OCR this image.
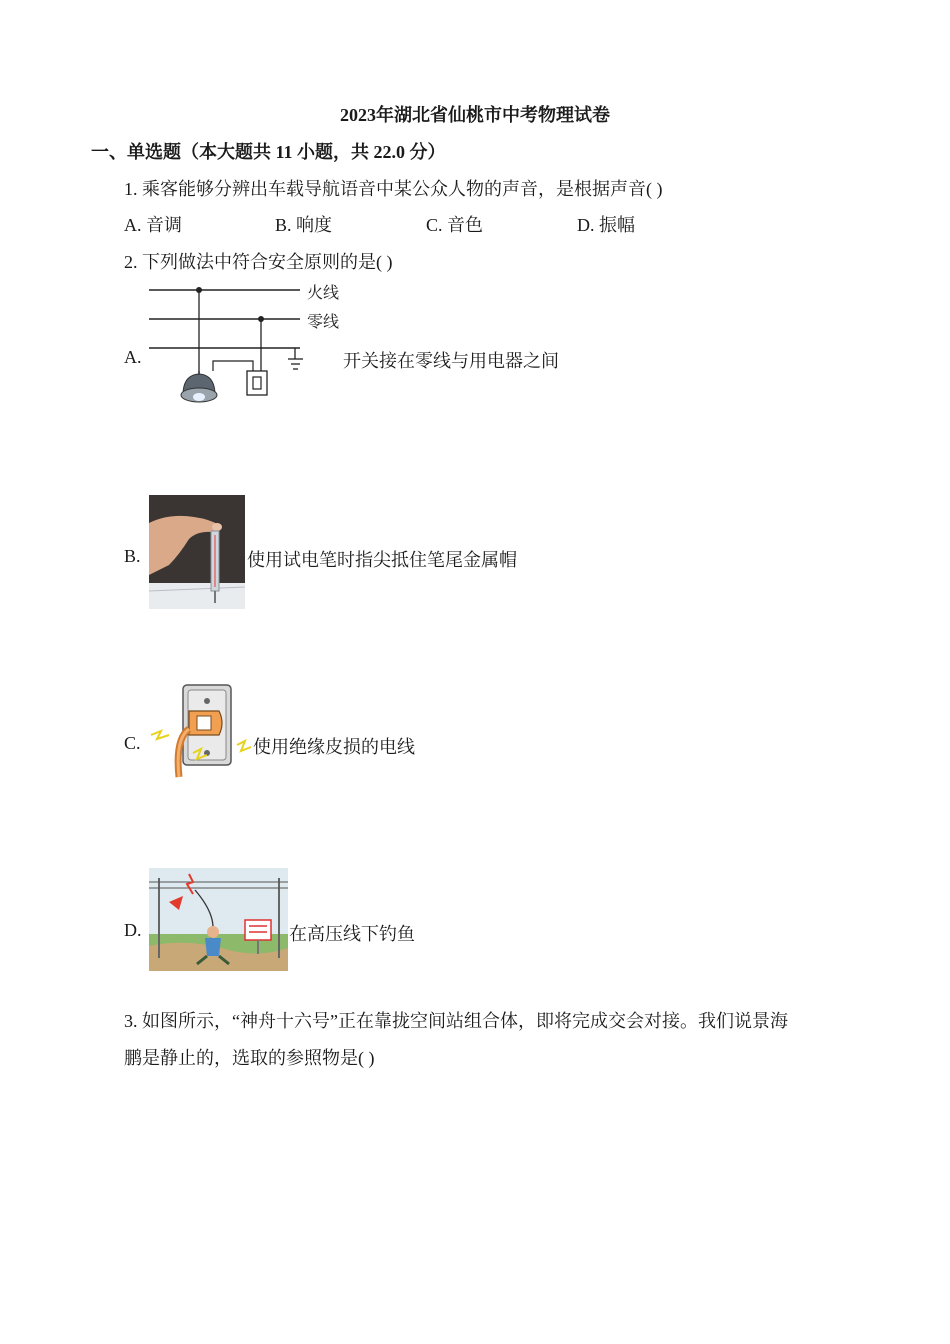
2023年湖北省仙桃市中考物理试卷
一、单选题（本大题共 11 小题，共 22.0 分）
1. 乘客能够分辨出车载导航语音中某公众人物的声音，是根据声音( )
A. 音调	B. 响度	C. 音色	D. 振幅
2. 下列做法中符合安全原则的是( )
A.
火线
零线
开关接在零线与用电器之间
B.	使用试电笔时指尖抵住笔尾金属帽
C.	使用绝缘皮损的电线
D.	在高压线下钓鱼
3. 如图所示，“神舟十六号”正在靠拢空间站组合体，即将完成交会对接。我们说景海
鹏是静止的，选取的参照物是( )
